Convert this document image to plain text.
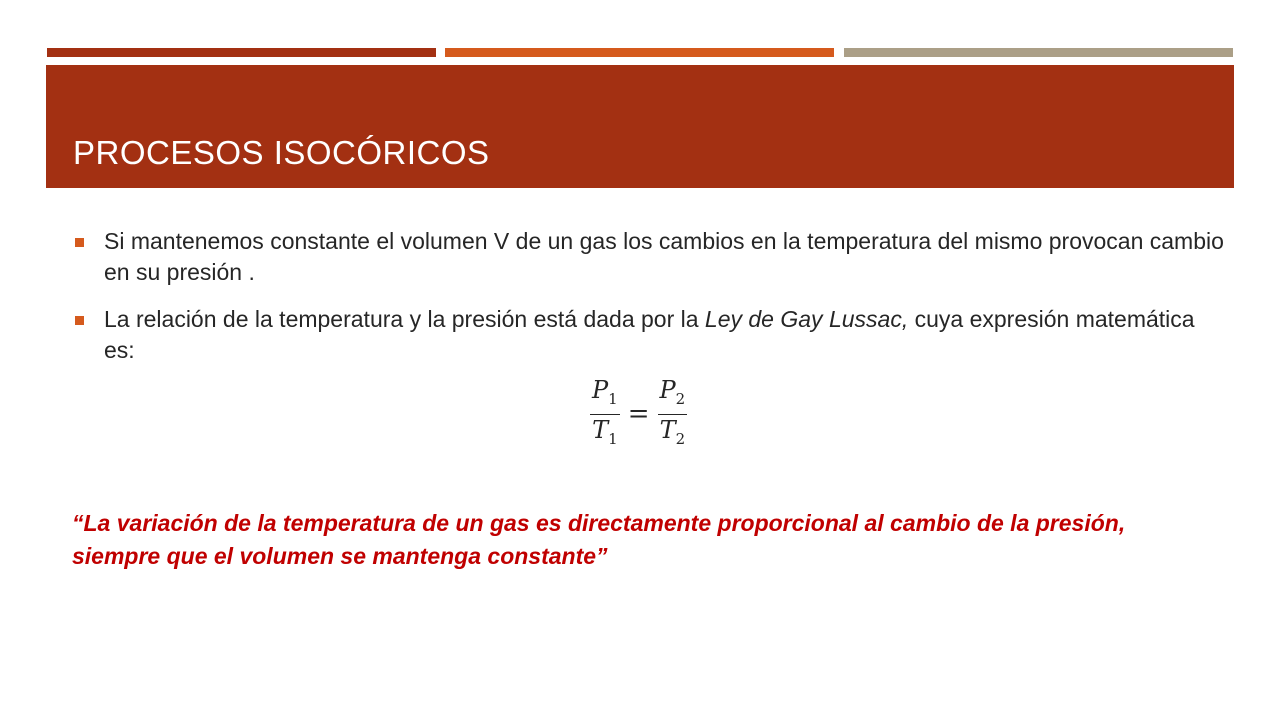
PROCESOS ISOCÓRICOS
Si mantenemos constante el volumen V de un gas los cambios en la temperatura del mismo provocan cambio en su presión .
La relación de la temperatura y la presión está dada por la Ley de Gay Lussac, cuya expresión matemática es:
$\frac{P_1}{T_1} = \frac{P_2}{T_2}$

“La variación de la temperatura de un gas es directamente proporcional al cambio de la presión, siempre que el volumen se mantenga constante”
